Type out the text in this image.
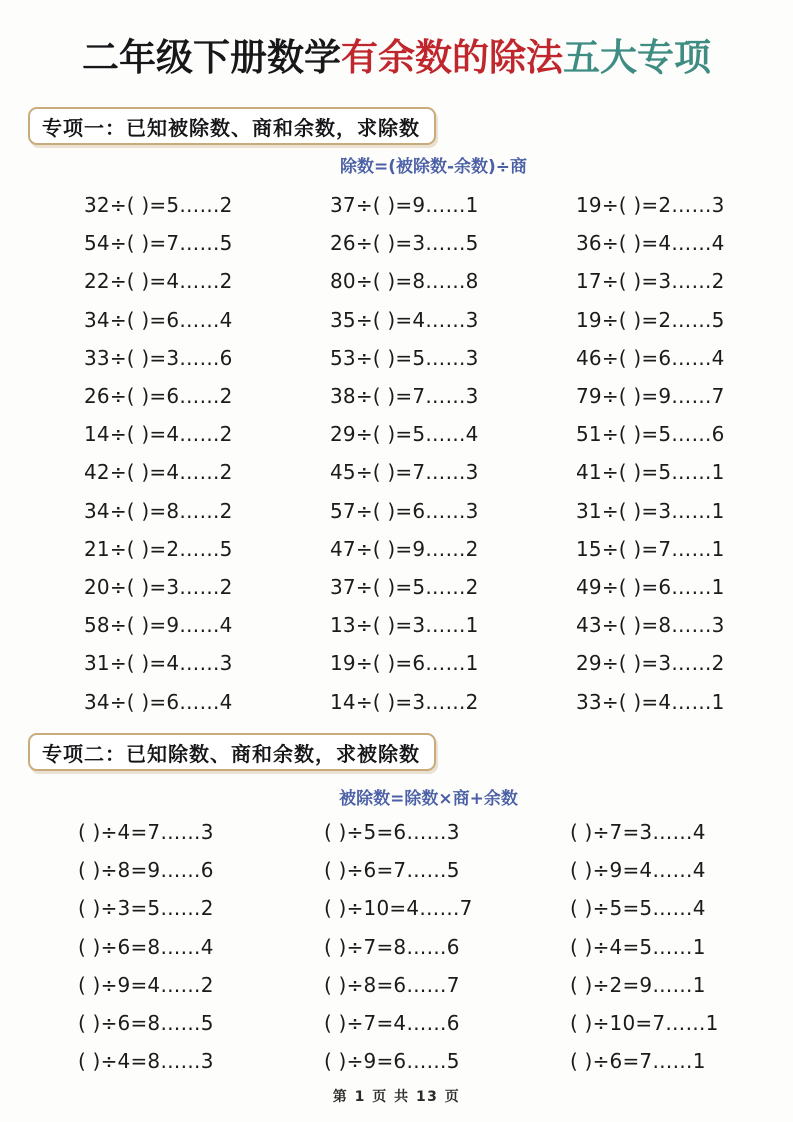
二年级下册数学有余数的除法五大专项
专项一：已知被除数、商和余数，求除数
除数=(被除数-余数)÷商
32÷( )=5……2	37÷( )=9……1	19÷( )=2……3
54÷( )=7……5	26÷( )=3……5	36÷( )=4……4
22÷( )=4……2	80÷( )=8……8	17÷( )=3……2
34÷( )=6……4	35÷( )=4……3	19÷( )=2……5
33÷( )=3……6	53÷( )=5……3	46÷( )=6……4
26÷( )=6……2	38÷( )=7……3	79÷( )=9……7
14÷( )=4……2	29÷( )=5……4	51÷( )=5……6
42÷( )=4……2	45÷( )=7……3	41÷( )=5……1
34÷( )=8……2	57÷( )=6……3	31÷( )=3……1
21÷( )=2……5	47÷( )=9……2	15÷( )=7……1
20÷( )=3……2	37÷( )=5……2	49÷( )=6……1
58÷( )=9……4	13÷( )=3……1	43÷( )=8……3
31÷( )=4……3	19÷( )=6……1	29÷( )=3……2
34÷( )=6……4	14÷( )=3……2	33÷( )=4……1
专项二：已知除数、商和余数，求被除数
被除数=除数×商+余数
( )÷4=7……3	( )÷5=6……3	( )÷7=3……4
( )÷8=9……6	( )÷6=7……5	( )÷9=4……4
( )÷3=5……2	( )÷10=4……7	( )÷5=5……4
( )÷6=8……4	( )÷7=8……6	( )÷4=5……1
( )÷9=4……2	( )÷8=6……7	( )÷2=9……1
( )÷6=8……5	( )÷7=4……6	( )÷10=7……1
( )÷4=8……3	( )÷9=6……5	( )÷6=7……1
第 1 页 共 13 页
